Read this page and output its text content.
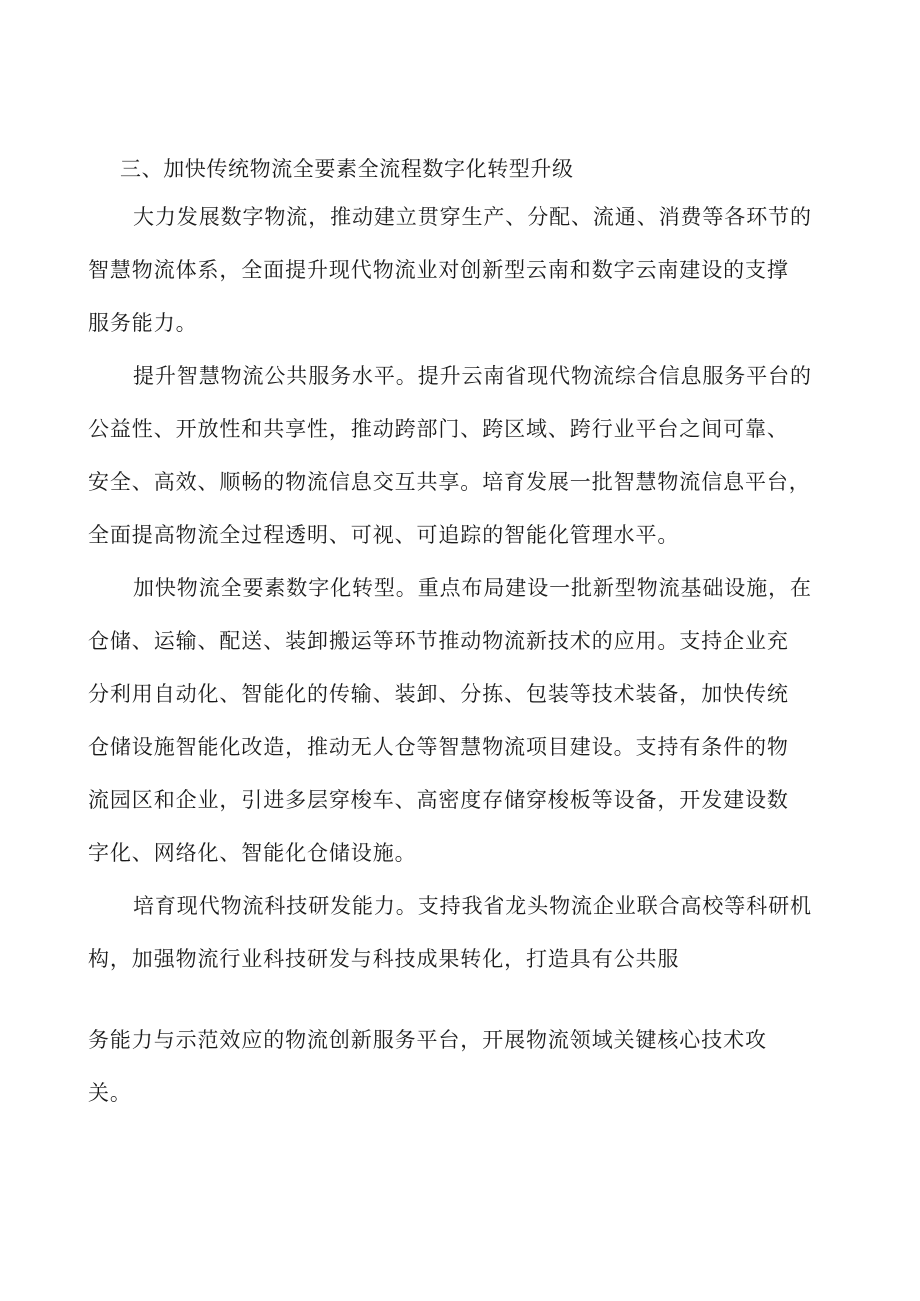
三、加快传统物流全要素全流程数字化转型升级
大力发展数字物流，推动建立贯穿生产、分配、流通、消费等各环节的
智慧物流体系，全面提升现代物流业对创新型云南和数字云南建设的支撑
服务能力。
提升智慧物流公共服务水平。提升云南省现代物流综合信息服务平台的
公益性、开放性和共享性，推动跨部门、跨区域、跨行业平台之间可靠、
安全、高效、顺畅的物流信息交互共享。培育发展一批智慧物流信息平台，
全面提高物流全过程透明、可视、可追踪的智能化管理水平。
加快物流全要素数字化转型。重点布局建设一批新型物流基础设施，在
仓储、运输、配送、装卸搬运等环节推动物流新技术的应用。支持企业充
分利用自动化、智能化的传输、装卸、分拣、包装等技术装备，加快传统
仓储设施智能化改造，推动无人仓等智慧物流项目建设。支持有条件的物
流园区和企业，引进多层穿梭车、高密度存储穿梭板等设备，开发建设数
字化、网络化、智能化仓储设施。
培育现代物流科技研发能力。支持我省龙头物流企业联合高校等科研机
构，加强物流行业科技研发与科技成果转化，打造具有公共服
务能力与示范效应的物流创新服务平台，开展物流领域关键核心技术攻
关。
